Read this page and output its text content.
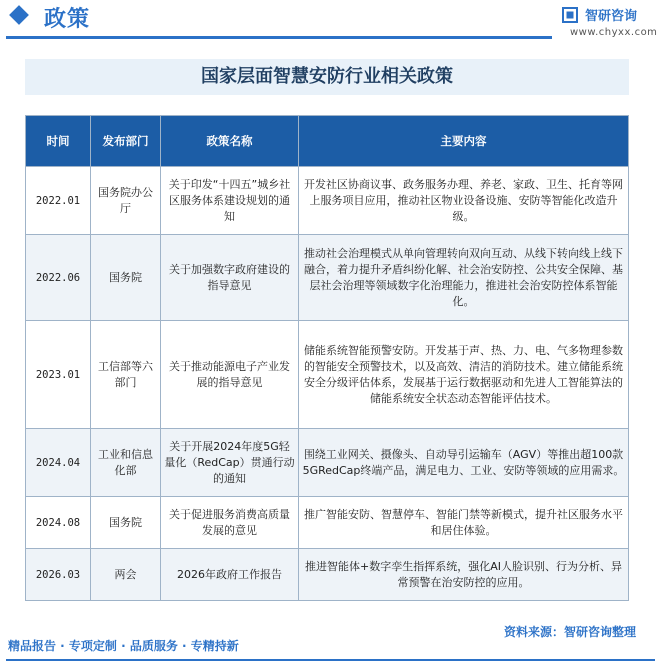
政策	智研咨询
www.chyxx.com
国家层面智慧安防行业相关政策
时间	发布部门	政策名称	主要内容
2022.01	国务院办公厅	关于印发“十四五”城乡社区服务体系建设规划的通知	开发社区协商议事、政务服务办理、养老、家政、卫生、托育等网上服务项目应用，推动社区物业设备设施、安防等智能化改造升级。
2022.06	国务院	关于加强数字政府建设的指导意见	推动社会治理模式从单向管理转向双向互动、从线下转向线上线下融合，着力提升矛盾纠纷化解、社会治安防控、公共安全保障、基层社会治理等领域数字化治理能力，推进社会治安防控体系智能化。
2023.01	工信部等六部门	关于推动能源电子产业发展的指导意见	储能系统智能预警安防。开发基于声、热、力、电、气多物理参数的智能安全预警技术，以及高效、清洁的消防技术。建立储能系统安全分级评估体系，发展基于运行数据驱动和先进人工智能算法的储能系统安全状态动态智能评估技术。
2024.04	工业和信息化部	关于开展2024年度5G轻量化（RedCap）贯通行动的通知	围绕工业网关、摄像头、自动导引运输车（AGV）等推出超100款5GRedCap终端产品，满足电力、工业、安防等领域的应用需求。
2024.08	国务院	关于促进服务消费高质量发展的意见	推广智能安防、智慧停车、智能门禁等新模式，提升社区服务水平和居住体验。
2026.03	两会	2026年政府工作报告	推进智能体+数字孪生指挥系统，强化AI人脸识别、行为分析、异常预警在治安防控的应用。
资料来源：智研咨询整理
精品报告 · 专项定制 · 品质服务 · 专精持新
